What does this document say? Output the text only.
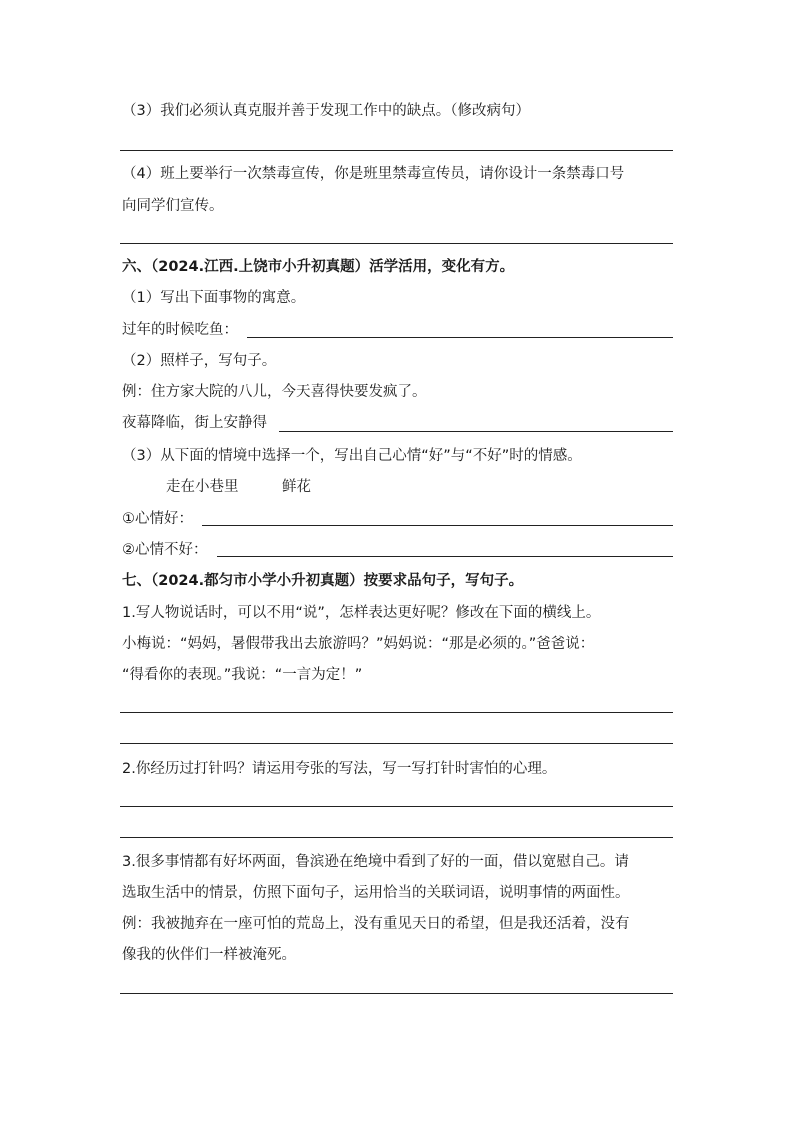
（3）我们必须认真克服并善于发现工作中的缺点。（修改病句）
（4）班上要举行一次禁毒宣传，你是班里禁毒宣传员，请你设计一条禁毒口号
向同学们宣传。
六、（2024.江西.上饶市小升初真题）活学活用，变化有方。
（1）写出下面事物的寓意。
过年的时候吃鱼：
（2）照样子，写句子。
例：住方家大院的八儿，今天喜得快要发疯了。
夜幕降临，街上安静得
（3）从下面的情境中选择一个，写出自己心情“好”与“不好”时的情感。
走在小巷里	鲜花
①心情好：
②心情不好：
七、（2024.都匀市小学小升初真题）按要求品句子，写句子。
1.写人物说话时，可以不用“说”，怎样表达更好呢？修改在下面的横线上。
小梅说：“妈妈，暑假带我出去旅游吗？”妈妈说：“那是必须的。”爸爸说：
“得看你的表现。”我说：“一言为定！”
2.你经历过打针吗？请运用夸张的写法，写一写打针时害怕的心理。
3.很多事情都有好坏两面，鲁滨逊在绝境中看到了好的一面，借以宽慰自己。请
选取生活中的情景，仿照下面句子，运用恰当的关联词语，说明事情的两面性。
例：我被抛弃在一座可怕的荒岛上，没有重见天日的希望，但是我还活着，没有
像我的伙伴们一样被淹死。
